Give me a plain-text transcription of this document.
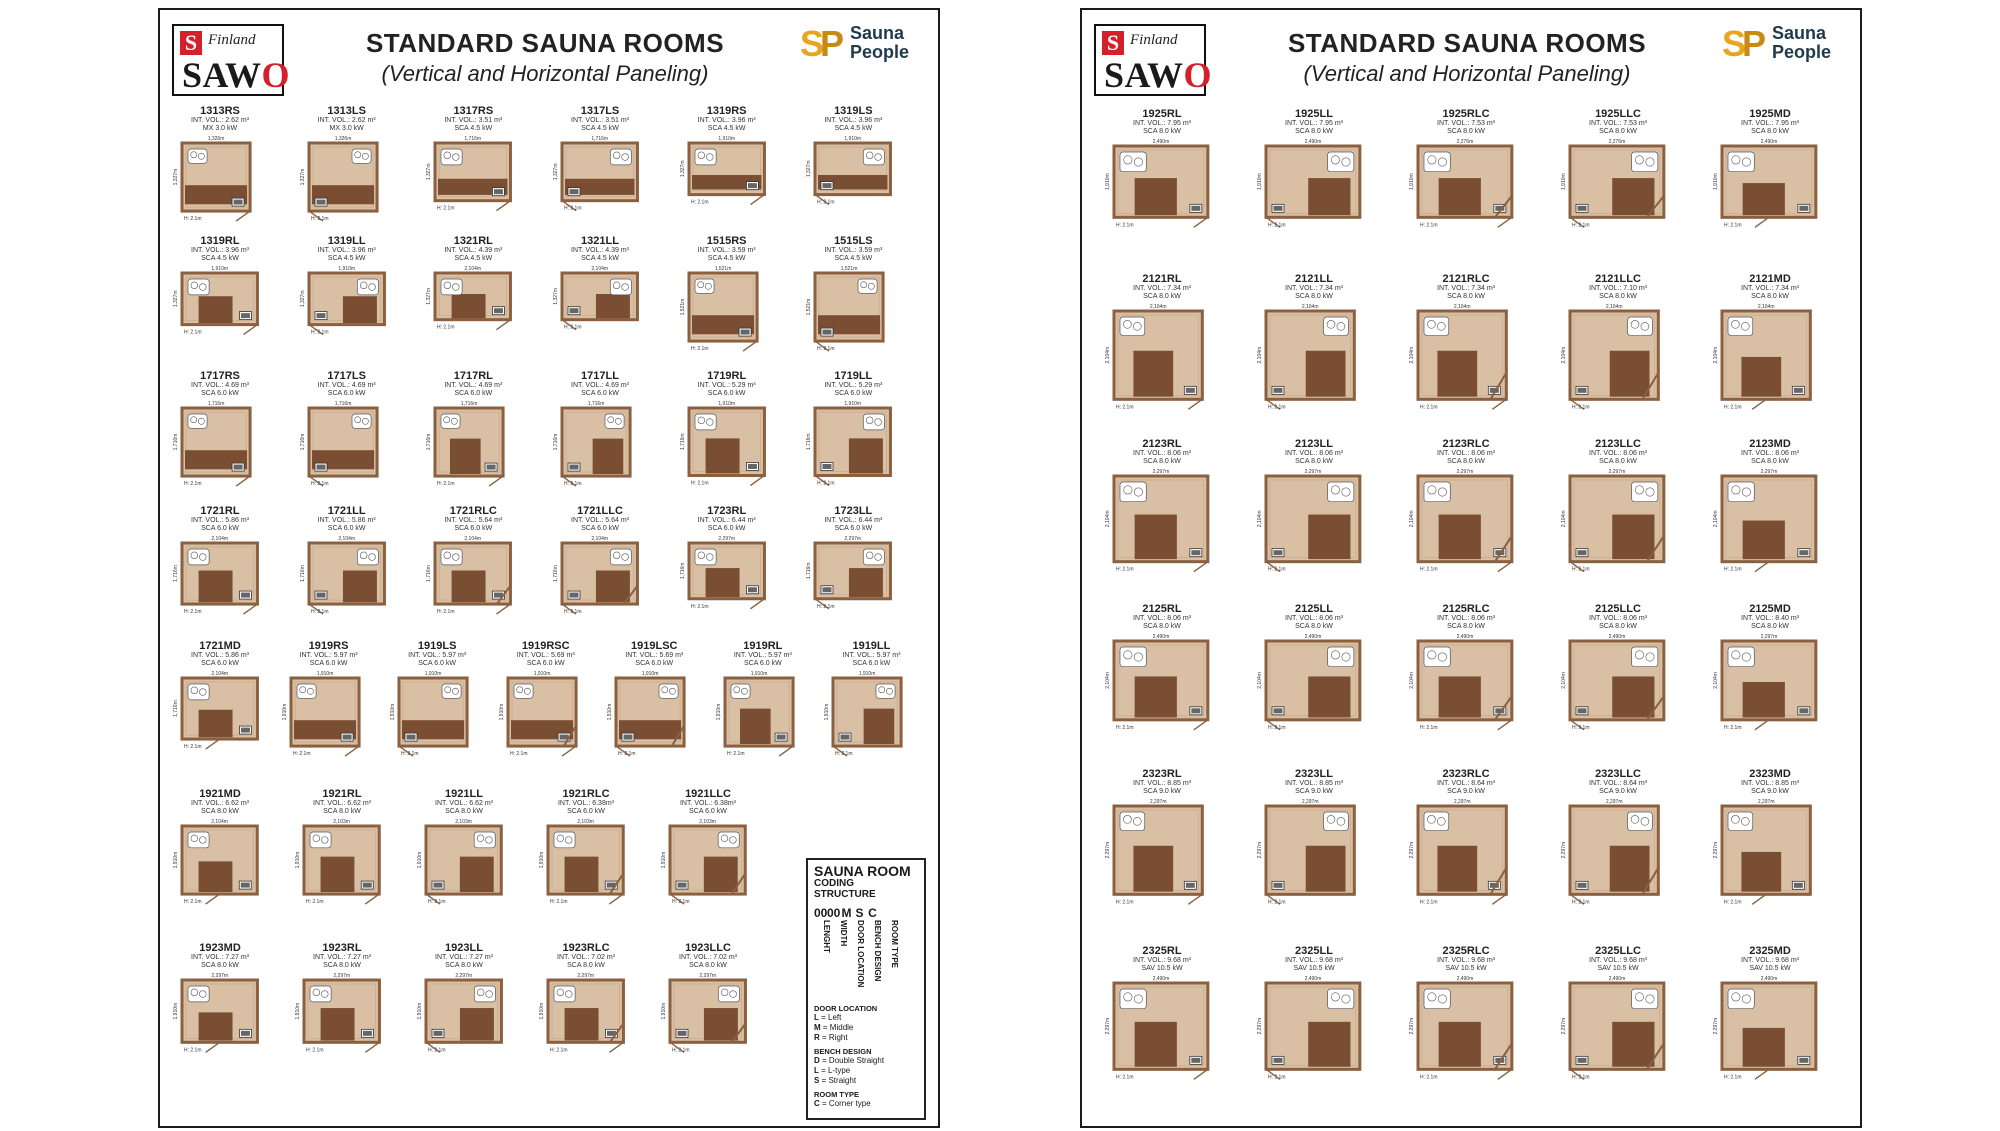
S Finland
SAWO
STANDARD SAUNA ROOMS
(Vertical and Horizontal Paneling)
S
P Sauna
People
1313RS
INT. VOL.: 2.62 m³
MX 3.0 kW
1,326m
1,327m
H: 2.1m
1313LS
INT. VOL.: 2.62 m³
MX 3.0 kW
1,326m
1,327m
H: 2.1m
1317RS
INT. VOL.: 3.51 m³
SCA 4.5 kW
1,716m
1,327m
H: 2.1m
1317LS
INT. VOL.: 3.51 m³
SCA 4.5 kW
1,716m
1,327m
H: 2.1m
1319RS
INT. VOL.: 3.96 m³
SCA 4.5 kW
1,910m
1,327m
H: 2.1m
1319LS
INT. VOL.: 3.96 m³
SCA 4.5 kW
1,910m
1,327m
H: 2.1m
1319RL
INT. VOL.: 3.96 m³
SCA 4.5 kW
1,910m
1,327m
H: 2.1m
1319LL
INT. VOL.: 3.96 m³
SCA 4.5 kW
1,910m
1,327m
H: 2.1m
1321RL
INT. VOL.: 4.39 m³
SCA 4.5 kW
2,104m
1,327m
H: 2.1m
1321LL
INT. VOL.: 4.39 m³
SCA 4.5 kW
2,104m
1,327m
H: 2.1m
1515RS
INT. VOL.: 3.59 m³
SCA 4.5 kW
1,521m
1,521m
H: 2.1m
1515LS
INT. VOL.: 3.59 m³
SCA 4.5 kW
1,521m
1,521m
H: 2.1m
1717RS
INT. VOL.: 4.69 m³
SCA 6.0 kW
1,716m
1,716m
H: 2.1m
1717LS
INT. VOL.: 4.69 m³
SCA 6.0 kW
1,716m
1,716m
H: 2.1m
1717RL
INT. VOL.: 4.69 m³
SCA 6.0 kW
1,716m
1,716m
H: 2.1m
1717LL
INT. VOL.: 4.69 m³
SCA 6.0 kW
1,716m
1,716m
H: 2.1m
1719RL
INT. VOL.: 5.29 m³
SCA 6.0 kW
1,910m
1,716m
H: 2.1m
1719LL
INT. VOL.: 5.29 m³
SCA 6.0 kW
1,910m
1,716m
H: 2.1m
1721RL
INT. VOL.: 5.86 m³
SCA 6.0 kW
2,104m
1,716m
H: 2.1m
1721LL
INT. VOL.: 5.86 m³
SCA 6.0 kW
2,104m
1,716m
H: 2.1m
1721RLC
INT. VOL.: 5.64 m³
SCA 6.0 kW
2,104m
1,716m
H: 2.1m
1721LLC
INT. VOL.: 5.64 m³
SCA 6.0 kW
2,104m
1,716m
H: 2.1m
1723RL
INT. VOL.: 6.44 m³
SCA 6.0 kW
2,297m
1,716m
H: 2.1m
1723LL
INT. VOL.: 6.44 m³
SCA 6.0 kW
2,297m
1,716m
H: 2.1m
1721MD
INT. VOL.: 5.86 m³
SCA 6.0 kW
2,104m
1,716m
H: 2.1m
1919RS
INT. VOL.: 5.97 m³
SCA 6.0 kW
1,910m
1,910m
H: 2.1m
1919LS
INT. VOL.: 5.97 m³
SCA 6.0 kW
1,910m
1,910m
H: 2.1m
1919RSC
INT. VOL.: 5.69 m³
SCA 6.0 kW
1,910m
1,910m
H: 2.1m
1919LSC
INT. VOL.: 5.69 m³
SCA 6.0 kW
1,910m
1,910m
H: 2.1m
1919RL
INT. VOL.: 5.97 m³
SCA 6.0 kW
1,910m
1,910m
H: 2.1m
1919LL
INT. VOL.: 5.97 m³
SCA 6.0 kW
1,910m
1,910m
H: 2.1m
1921MD
INT. VOL.: 6.62 m³
SCA 8.0 kW
2,104m
1,910m
H: 2.1m
1921RL
INT. VOL.: 6.62 m³
SCA 8.0 kW
2,103m
1,910m
H: 2.1m
1921LL
INT. VOL.: 6.62 m³
SCA 8.0 kW
2,103m
1,910m
H: 2.1m
1921RLC
INT. VOL.: 6.38m³
SCA 6.0 kW
2,103m
1,910m
H: 2.1m
1921LLC
INT. VOL.: 6.38m³
SCA 6.0 kW
2,103m
1,910m
H: 2.1m
1923MD
INT. VOL.: 7.27 m³
SCA 8.0 kW
2,297m
1,910m
H: 2.1m
1923RL
INT. VOL.: 7.27 m³
SCA 8.0 kW
2,297m
1,910m
H: 2.1m
1923LL
INT. VOL.: 7.27 m³
SCA 8.0 kW
2,297m
1,910m
H: 2.1m
1923RLC
INT. VOL.: 7.02 m³
SCA 8.0 kW
2,297m
1,910m
H: 2.1m
1923LLC
INT. VOL.: 7.02 m³
SCA 8.0 kW
2,297m
1,910m
H: 2.1m
SAUNA ROOM
CODING STRUCTURE
00 00 M S C
LENGHT	WIDTH	DOOR LOCATION	BENCH DESIGN	ROOM TYPE
DOOR LOCATION
L = Left
M = Middle
R = Right
BENCH DESIGN
D = Double Straight
L = L-type
S = Straight
ROOM TYPE
C = Corner type
S Finland
SAWO
STANDARD SAUNA ROOMS
(Vertical and Horizontal Paneling)
S
P Sauna
People
1925RL
INT. VOL.: 7.95 m³
SCA 8.0 kW
2,490m
1,910m
H: 2.1m
1925LL
INT. VOL.: 7.95 m³
SCA 8.0 kW
2,490m
1,910m
H: 2.1m
1925RLC
INT. VOL.: 7.53 m³
SCA 8.0 kW
2,276m
1,910m
H: 2.1m
1925LLC
INT. VOL.: 7.53 m³
SCA 8.0 kW
2,276m
1,910m
H: 2.1m
1925MD
INT. VOL.: 7.95 m³
SCA 8.0 kW
2,490m
1,910m
H: 2.1m
2121RL
INT. VOL.: 7.34 m³
SCA 8.0 kW
2,104m
2,104m
H: 2.1m
2121LL
INT. VOL.: 7.34 m³
SCA 8.0 kW
2,104m
2,104m
H: 2.1m
2121RLC
INT. VOL.: 7.34 m³
SCA 8.0 kW
2,104m
2,104m
H: 2.1m
2121LLC
INT. VOL.: 7.10 m³
SCA 8.0 kW
2,104m
2,104m
H: 2.1m
2121MD
INT. VOL.: 7.34 m³
SCA 8.0 kW
2,104m
2,104m
H: 2.1m
2123RL
INT. VOL.: 8.06 m³
SCA 8.0 kW
2,297m
2,104m
H: 2.1m
2123LL
INT. VOL.: 8.06 m³
SCA 8.0 kW
2,297m
2,104m
H: 2.1m
2123RLC
INT. VOL.: 8.06 m³
SCA 8.0 kW
2,297m
2,104m
H: 2.1m
2123LLC
INT. VOL.: 8.06 m³
SCA 8.0 kW
2,297m
2,104m
H: 2.1m
2123MD
INT. VOL.: 8.06 m³
SCA 8.0 kW
2,297m
2,104m
H: 2.1m
2125RL
INT. VOL.: 8.06 m³
SCA 8.0 kW
2,490m
2,104m
H: 2.1m
2125LL
INT. VOL.: 8.06 m³
SCA 8.0 kW
2,490m
2,104m
H: 2.1m
2125RLC
INT. VOL.: 8.06 m³
SCA 8.0 kW
2,490m
2,104m
H: 2.1m
2125LLC
INT. VOL.: 8.06 m³
SCA 8.0 kW
2,490m
2,104m
H: 2.1m
2125MD
INT. VOL.: 8.40 m³
SCA 8.0 kW
2,297m
2,104m
H: 2.1m
2323RL
INT. VOL.: 8.85 m³
SCA 9.0 kW
2,297m
2,297m
H: 2.1m
2323LL
INT. VOL.: 8.85 m³
SCA 9.0 kW
2,297m
2,297m
H: 2.1m
2323RLC
INT. VOL.: 8.64 m³
SCA 9.0 kW
2,297m
2,297m
H: 2.1m
2323LLC
INT. VOL.: 8.64 m³
SCA 9.0 kW
2,297m
2,297m
H: 2.1m
2323MD
INT. VOL.: 8.85 m³
SCA 9.0 kW
2,297m
2,297m
H: 2.1m
2325RL
INT. VOL.: 9.68 m³
SAV 10.5 kW
2,490m
2,297m
H: 2.1m
2325LL
INT. VOL.: 9.68 m³
SAV 10.5 kW
2,490m
2,297m
H: 2.1m
2325RLC
INT. VOL.: 9.68 m³
SAV 10.5 kW
2,490m
2,297m
H: 2.1m
2325LLC
INT. VOL.: 9.68 m³
SAV 10.5 kW
2,490m
2,297m
H: 2.1m
2325MD
INT. VOL.: 9.68 m³
SAV 10.5 kW
2,490m
2,297m
H: 2.1m
